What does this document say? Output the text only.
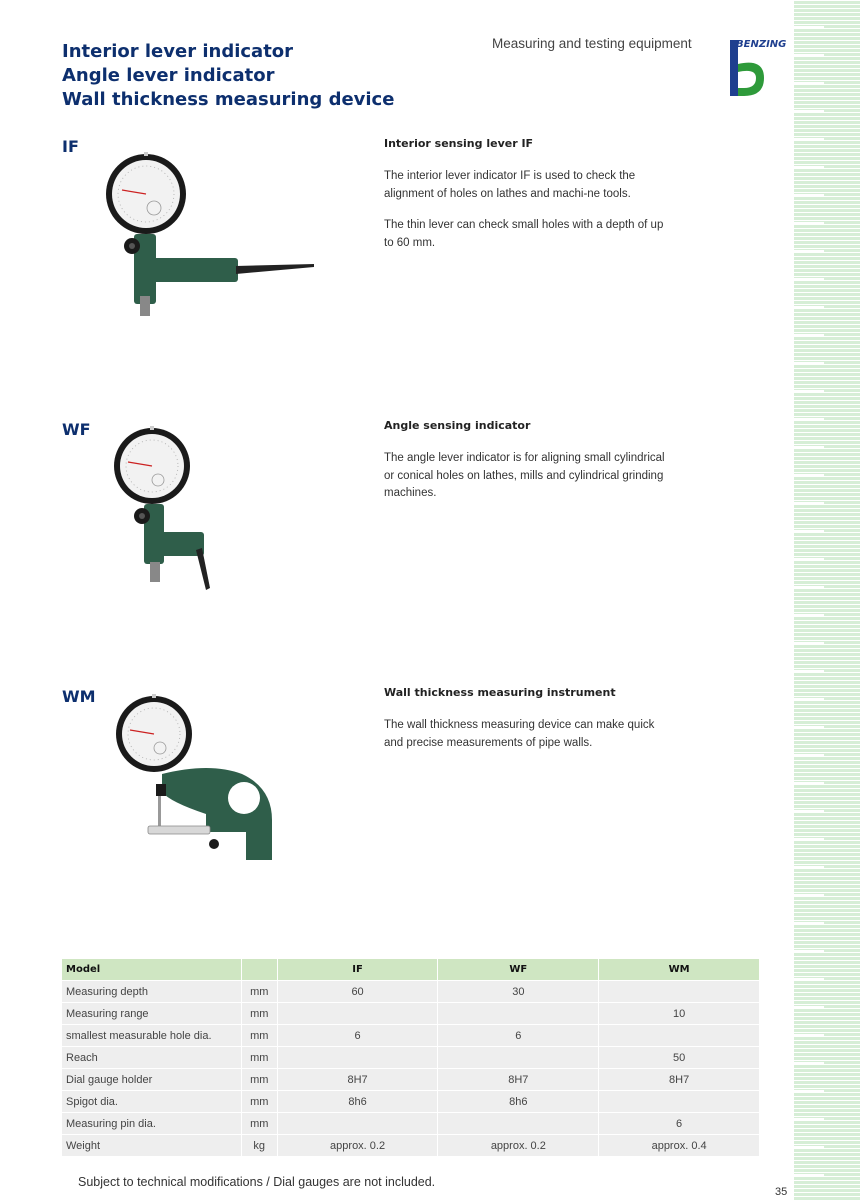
Interior lever indicator
Angle lever indicator
Wall thickness measuring device
Measuring and testing equipment	BENZING
IF	Interior sensing lever IF

The interior lever indicator IF is used to check the alignment of holes on lathes and machi-ne tools.

The thin lever can check small holes with a depth of up to 60 mm.

WF	Angle sensing indicator

The angle lever indicator is for aligning small cylindrical or conical holes on lathes, mills and cylindrical grinding machines.

WM	Wall thickness measuring instrument

The wall thickness measuring device can make quick and precise measurements of pipe walls.

Model		IF	WF	WM
Measuring depth	mm	60	30	
Measuring range	mm			10
smallest measurable hole dia.	mm	6	6	
Reach	mm			50
Dial gauge holder	mm	8H7	8H7	8H7
Spigot dia.	mm	8h6	8h6	
Measuring pin dia.	mm			6
Weight	kg	approx. 0.2	approx. 0.2	approx. 0.4
Subject to technical modifications / Dial gauges are not included.
35
